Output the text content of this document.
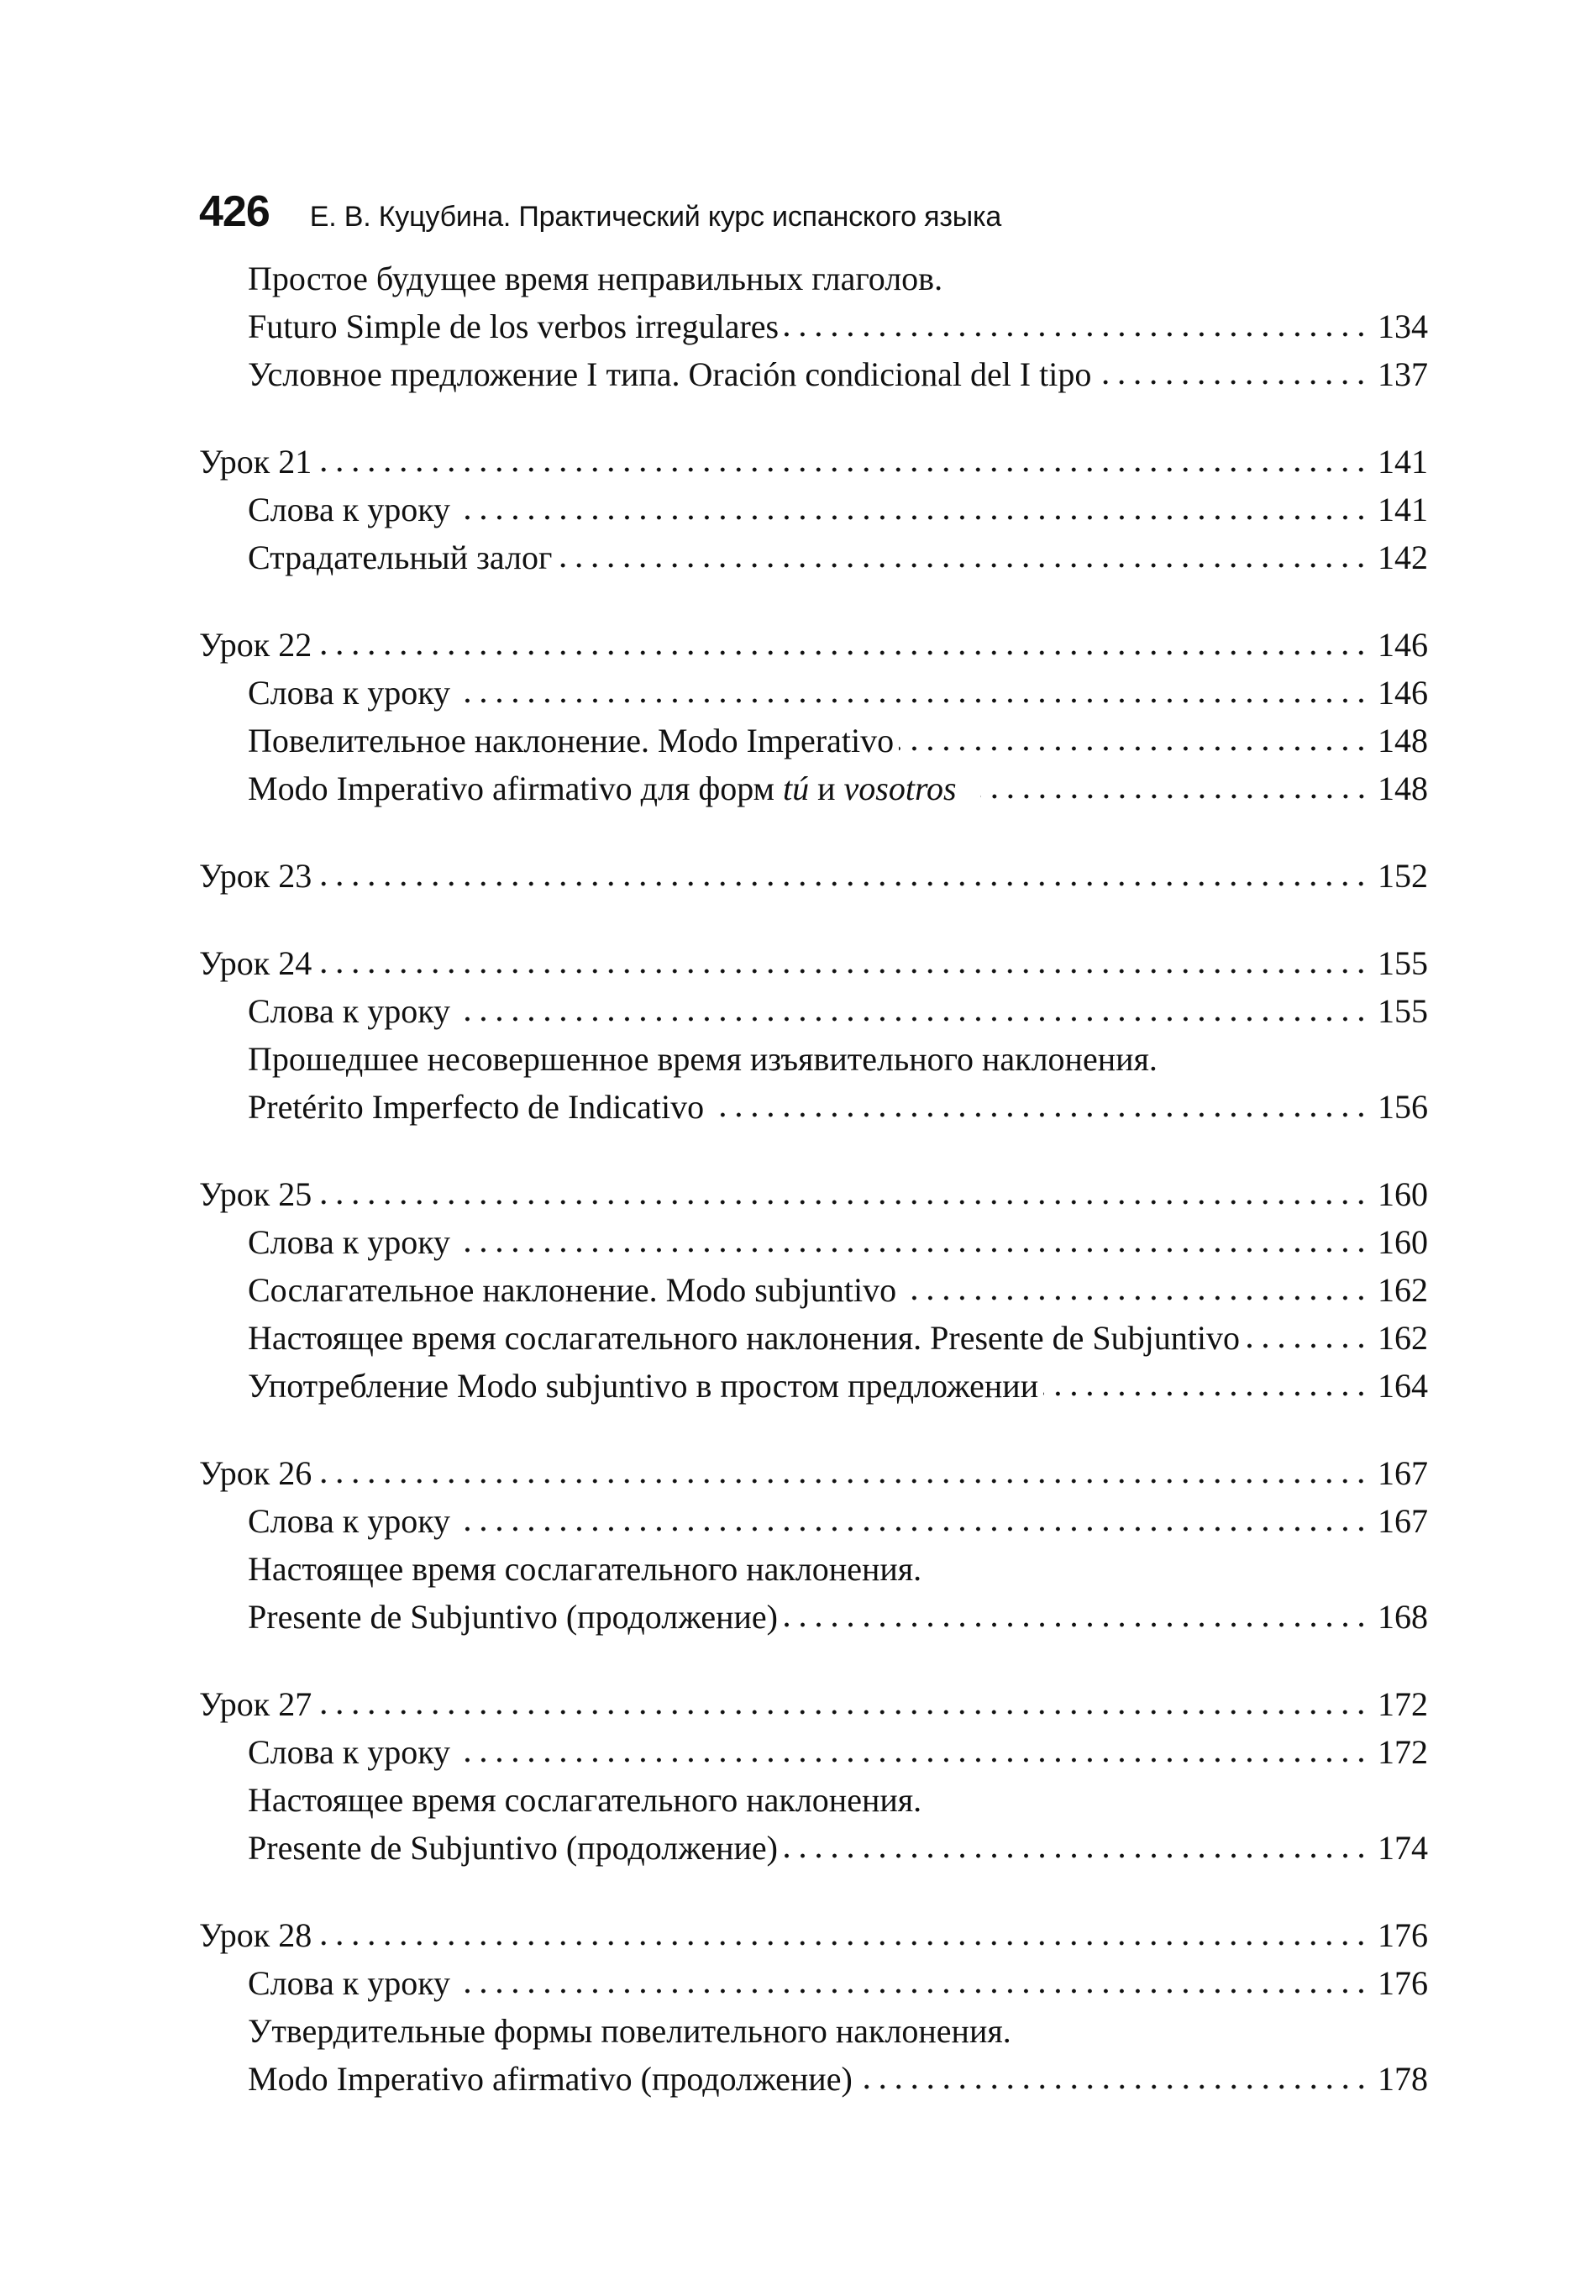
426 Е. В. Куцубина. Практический курс испанского языка
Простое будущее время неправильных глаголов.
Futuro Simple de los verbos irregulares	134
Условное предложение I типа. Oración condicional del I tipo	137
Урок 21	141
Слова к уроку	141
Страдательный залог	142
Урок 22	146
Слова к уроку	146
Повелительное наклонение. Modo Imperativo	148
Modo Imperativo afirmativo для форм tú и vosotros	148
Урок 23	152
Урок 24	155
Слова к уроку	155
Прошедшее несовершенное время изъявительного наклонения.
Pretérito Imperfecto de Indicativo	156
Урок 25	160
Слова к уроку	160
Сослагательное наклонение. Modo subjuntivo	162
Настоящее время сослагательного наклонения. Presente de Subjuntivo	162
Употребление Modo subjuntivo в простом предложении	164
Урок 26	167
Слова к уроку	167
Настоящее время сослагательного наклонения.
Presente de Subjuntivo (продолжение)	168
Урок 27	172
Слова к уроку	172
Настоящее время сослагательного наклонения.
Presente de Subjuntivo (продолжение)	174
Урок 28	176
Слова к уроку	176
Утвердительные формы повелительного наклонения.
Modo Imperativo afirmativo (продолжение)	178
